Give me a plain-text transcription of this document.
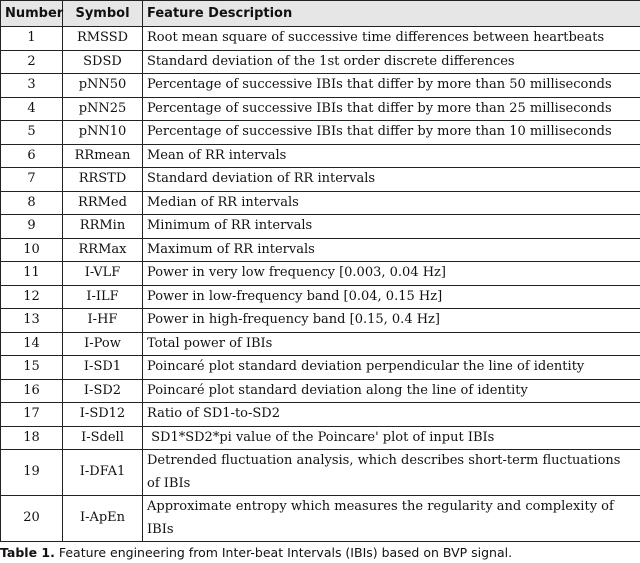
Number	Symbol	Feature Description
1	RMSSD	Root mean square of successive time differences between heartbeats
2	SDSD	Standard deviation of the 1st order discrete differences
3	pNN50	Percentage of successive IBIs that differ by more than 50 milliseconds
4	pNN25	Percentage of successive IBIs that differ by more than 25 milliseconds
5	pNN10	Percentage of successive IBIs that differ by more than 10 milliseconds
6	RRmean	Mean of RR intervals
7	RRSTD	Standard deviation of RR intervals
8	RRMed	Median of RR intervals
9	RRMin	Minimum of RR intervals
10	RRMax	Maximum of RR intervals
11	I-VLF	Power in very low frequency [0.003, 0.04 Hz]
12	I-ILF	Power in low-frequency band [0.04, 0.15 Hz]
13	I-HF	Power in high-frequency band [0.15, 0.4 Hz]
14	I-Pow	Total power of IBIs
15	I-SD1	Poincaré plot standard deviation perpendicular the line of identity
16	I-SD2	Poincaré plot standard deviation along the line of identity
17	I-SD12	Ratio of SD1-to-SD2
18	I-Sdell	SD1*SD2*pi value of the Poincare' plot of input IBIs
19	I-DFA1	Detrended fluctuation analysis, which describes short-term fluctuations of IBIs
20	I-ApEn	Approximate entropy which measures the regularity and complexity of IBIs
Table 1. Feature engineering from Inter-beat Intervals (IBIs) based on BVP signal.
